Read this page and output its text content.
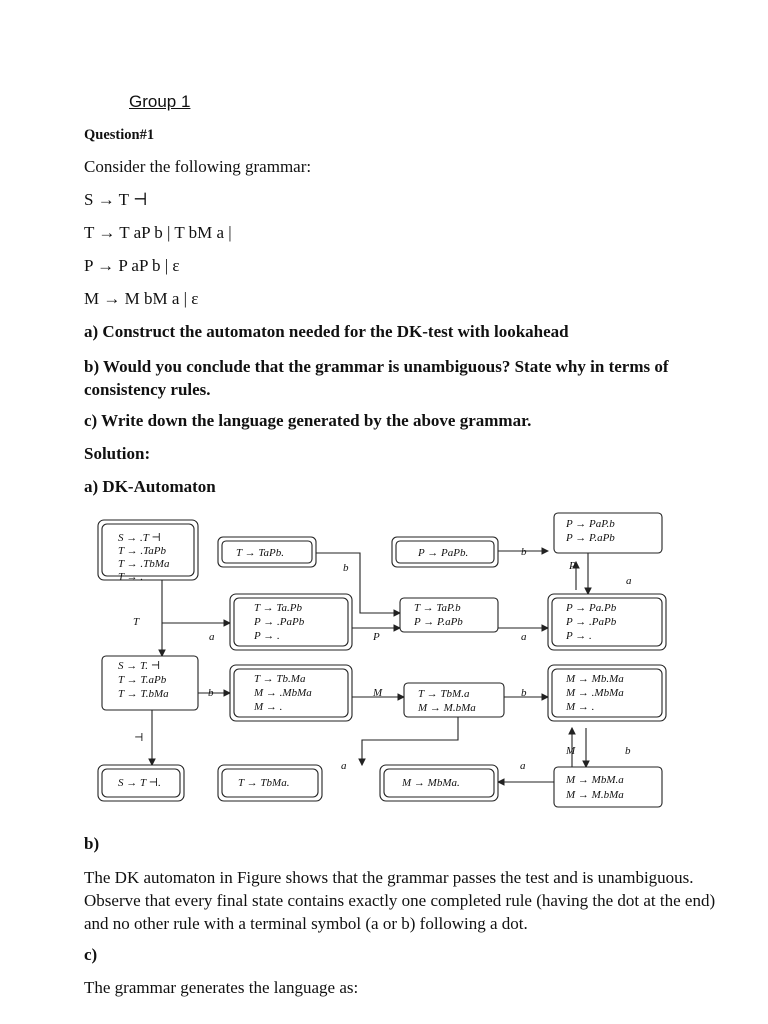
Group 1
Question#1
Consider the following grammar:
S → T ⊣
T → T aP b | T bM a |
P → P aP b | ε
M → M bM a | ε
a) Construct the automaton needed for the DK-test with lookahead
b) Would you conclude that the grammar is unambiguous? State why in terms of consistency rules.
c) Write down the language generated by the above grammar.
Solution:
a) DK-Automaton
S → .T ⊣
T → .TaPb
T → .TbMa
T → .
T → TaPb.	P → PaPb.
P → PaP.b
P → P.aPb
T → Ta.Pb
P → .PaPb
P → .
T → TaP.b
P → P.aPb
P → Pa.Pb
P → .PaPb
P → .
S → T. ⊣
T → T.aPb
T → T.bMa
T → Tb.Ma
M → .MbMa
M → .
T → TbM.a
M → M.bMa
M → Mb.Ma
M → .MbMa
M → .
S → T ⊣.	T → TbMa.	M → MbMa.	M → MbM.a
M → M.bMa
T
b
b
P
a
a	P	a
b	M	b
⊣
a	a
M	b
b)
The DK automaton in Figure shows that the grammar passes the test and is unambiguous. Observe that every final state contains exactly one completed rule (having the dot at the end) and no other rule with a terminal symbol (a or b) following a dot.
c)
The grammar generates the language as:
